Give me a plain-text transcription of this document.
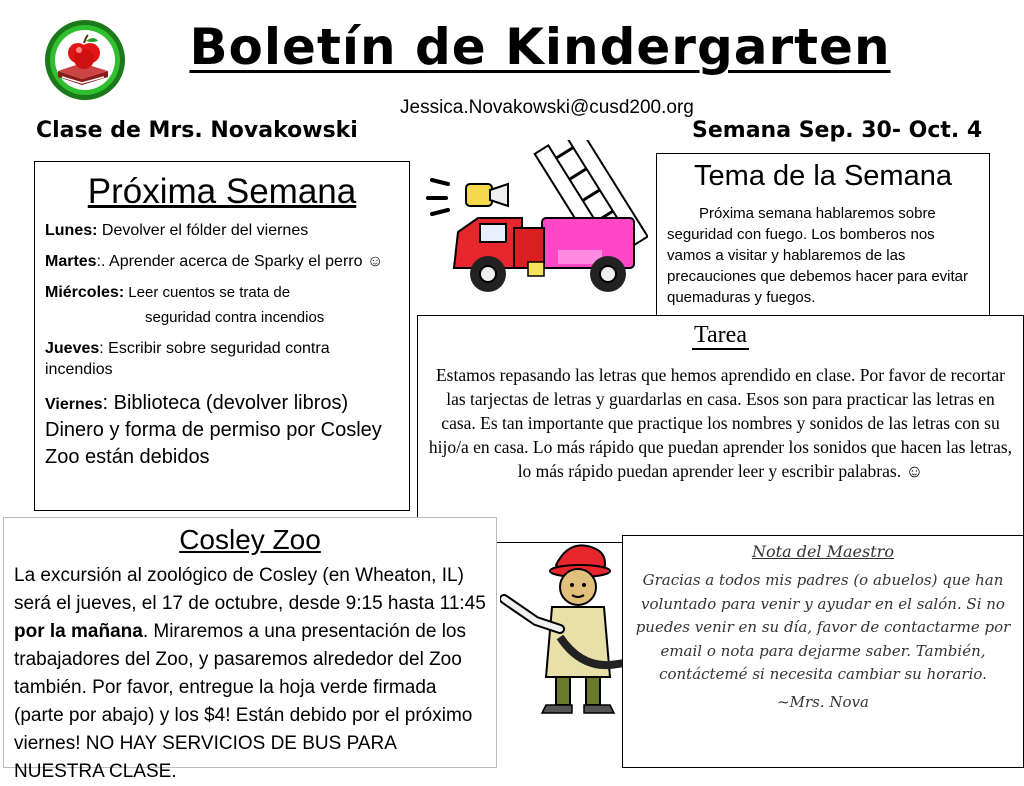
Boletín de Kindergarten
Jessica.Novakowski@cusd200.org
Clase de Mrs. Novakowski	Semana Sep. 30- Oct. 4
Próxima Semana
Lunes: Devolver el fólder del viernes
Martes:. Aprender acerca de Sparky el perro ☺
Miércoles: Leer cuentos se trata de
seguridad contra incendios
Jueves: Escribir sobre seguridad contra incendios
Viernes: Biblioteca (devolver libros)
Dinero y forma de permiso por Cosley Zoo están debidos
Tema de la Semana
Próxima semana hablaremos sobre seguridad con fuego. Los bomberos nos vamos a visitar y hablaremos de las precauciones que debemos hacer para evitar quemaduras y fuegos.
Tarea
Estamos repasando las letras que hemos aprendido en clase. Por favor de recortar las tarjectas de letras y guardarlas en casa. Esos son para practicar las letras en casa. Es tan importante que practique los nombres y sonidos de las letras con su hijo/a en casa. Lo más rápido que puedan aprender los sonidos que hacen las letras, lo más rápido puedan aprender leer y escribir palabras. ☺
Cosley Zoo
La excursión al zoológico de Cosley (en Wheaton, IL) será el jueves, el 17 de octubre, desde 9:15 hasta 11:45 por la mañana. Miraremos a una presentación de los trabajadores del Zoo, y pasaremos alrededor del Zoo también. Por favor, entregue la hoja verde firmada (parte por abajo) y los $4! Están debido por el próximo viernes! NO HAY SERVICIOS DE BUS PARA NUESTRA CLASE.
Nota del Maestro
Gracias a todos mis padres (o abuelos) que han voluntado para venir y ayudar en el salón. Si no puedes venir en su día, favor de contactarme por email o nota para dejarme saber. También, contáctemé si necesita cambiar su horario.
~Mrs. Nova
